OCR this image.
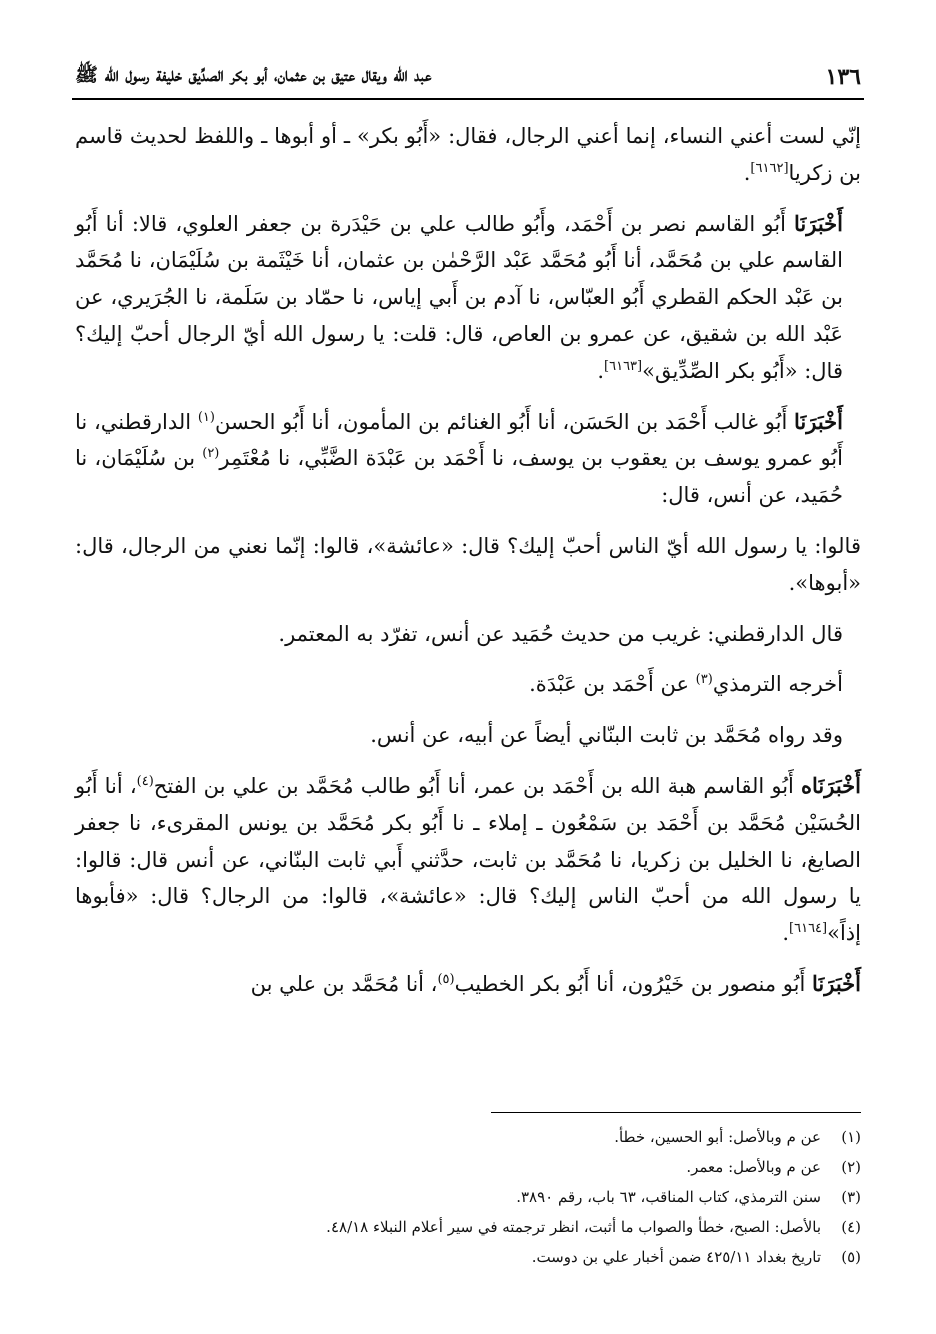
١٣٦
عبد الله ويقال عتيق بن عثمان، أبو بكر الصدِّيق خليفة رسول الله ﷺ

إنّي لست أعني النساء، إنما أعني الرجال، فقال: «أَبُو بكر» ـ أو أبوها ـ واللفظ لحديث قاسم بن زكريا[٦١٦٢].

أَخْبَرَنَا أَبُو القاسم نصر بن أَحْمَد، وأَبُو طالب علي بن حَيْدَرة بن جعفر العلوي، قالا: أنا أَبُو القاسم علي بن مُحَمَّد، أنا أَبُو مُحَمَّد عَبْد الرَّحْمٰن بن عثمان، أنا خَيْثَمة بن سُلَيْمَان، نا مُحَمَّد بن عَبْد الحكم القطري أَبُو العبّاس، نا آدم بن أَبي إياس، نا حمّاد بن سَلَمة، نا الجُرَيري، عن عَبْد الله بن شقيق، عن عمرو بن العاص، قال: قلت: يا رسول الله أيّ الرجال أحبّ إليك؟ قال: «أَبُو بكر الصِّدِّيق»[٦١٦٣].

أَخْبَرَنَا أَبُو غالب أَحْمَد بن الحَسَن، أنا أَبُو الغنائم بن المأمون، أنا أَبُو الحسن$^{(١)}$ الدارقطني، نا أَبُو عمرو يوسف بن يعقوب بن يوسف، نا أَحْمَد بن عَبْدَة الضَّبِّي، نا مُعْتَمِر$^{(٢)}$ بن سُلَيْمَان، نا حُمَيد، عن أنس، قال:

قالوا: يا رسول الله أيّ الناس أحبّ إليك؟ قال: «عائشة»، قالوا: إنّما نعني من الرجال، قال: «أبوها».

قال الدارقطني: غريب من حديث حُمَيد عن أنس، تفرّد به المعتمر.

أخرجه الترمذي$^{(٣)}$ عن أَحْمَد بن عَبْدَة.

وقد رواه مُحَمَّد بن ثابت البنّاني أيضاً عن أبيه، عن أنس.

أَخْبَرَنَاه أَبُو القاسم هبة الله بن أَحْمَد بن عمر، أنا أَبُو طالب مُحَمَّد بن علي بن الفتح$^{(٤)}$، أنا أَبُو الحُسَيْن مُحَمَّد بن أَحْمَد بن سَمْعُون ـ إملاء ـ نا أَبُو بكر مُحَمَّد بن يونس المقرىء، نا جعفر الصايغ، نا الخليل بن زكريا، نا مُحَمَّد بن ثابت، حدَّثني أَبي ثابت البنّاني، عن أنس قال: قالوا: يا رسول الله من أحبّ الناس إليك؟ قال: «عائشة»، قالوا: من الرجال؟ قال: «فأبوها إذاً»[٦١٦٤].

أَخْبَرَنَا أَبُو منصور بن خَيْرُون، أنا أَبُو بكر الخطيب$^{(٥)}$، أنا مُحَمَّد بن علي بن

(١)
عن م وبالأصل: أبو الحسين، خطأ.
(٢)
عن م وبالأصل: معمر.
(٣)
سنن الترمذي، كتاب المناقب، ٦٣ باب، رقم ٣٨٩٠.
(٤)
بالأصل: الصبح، خطأ والصواب ما أثبت، انظر ترجمته في سير أعلام النبلاء ٤٨/١٨.
(٥)
تاريخ بغداد ٤٢٥/١١ ضمن أخبار علي بن دوست.
